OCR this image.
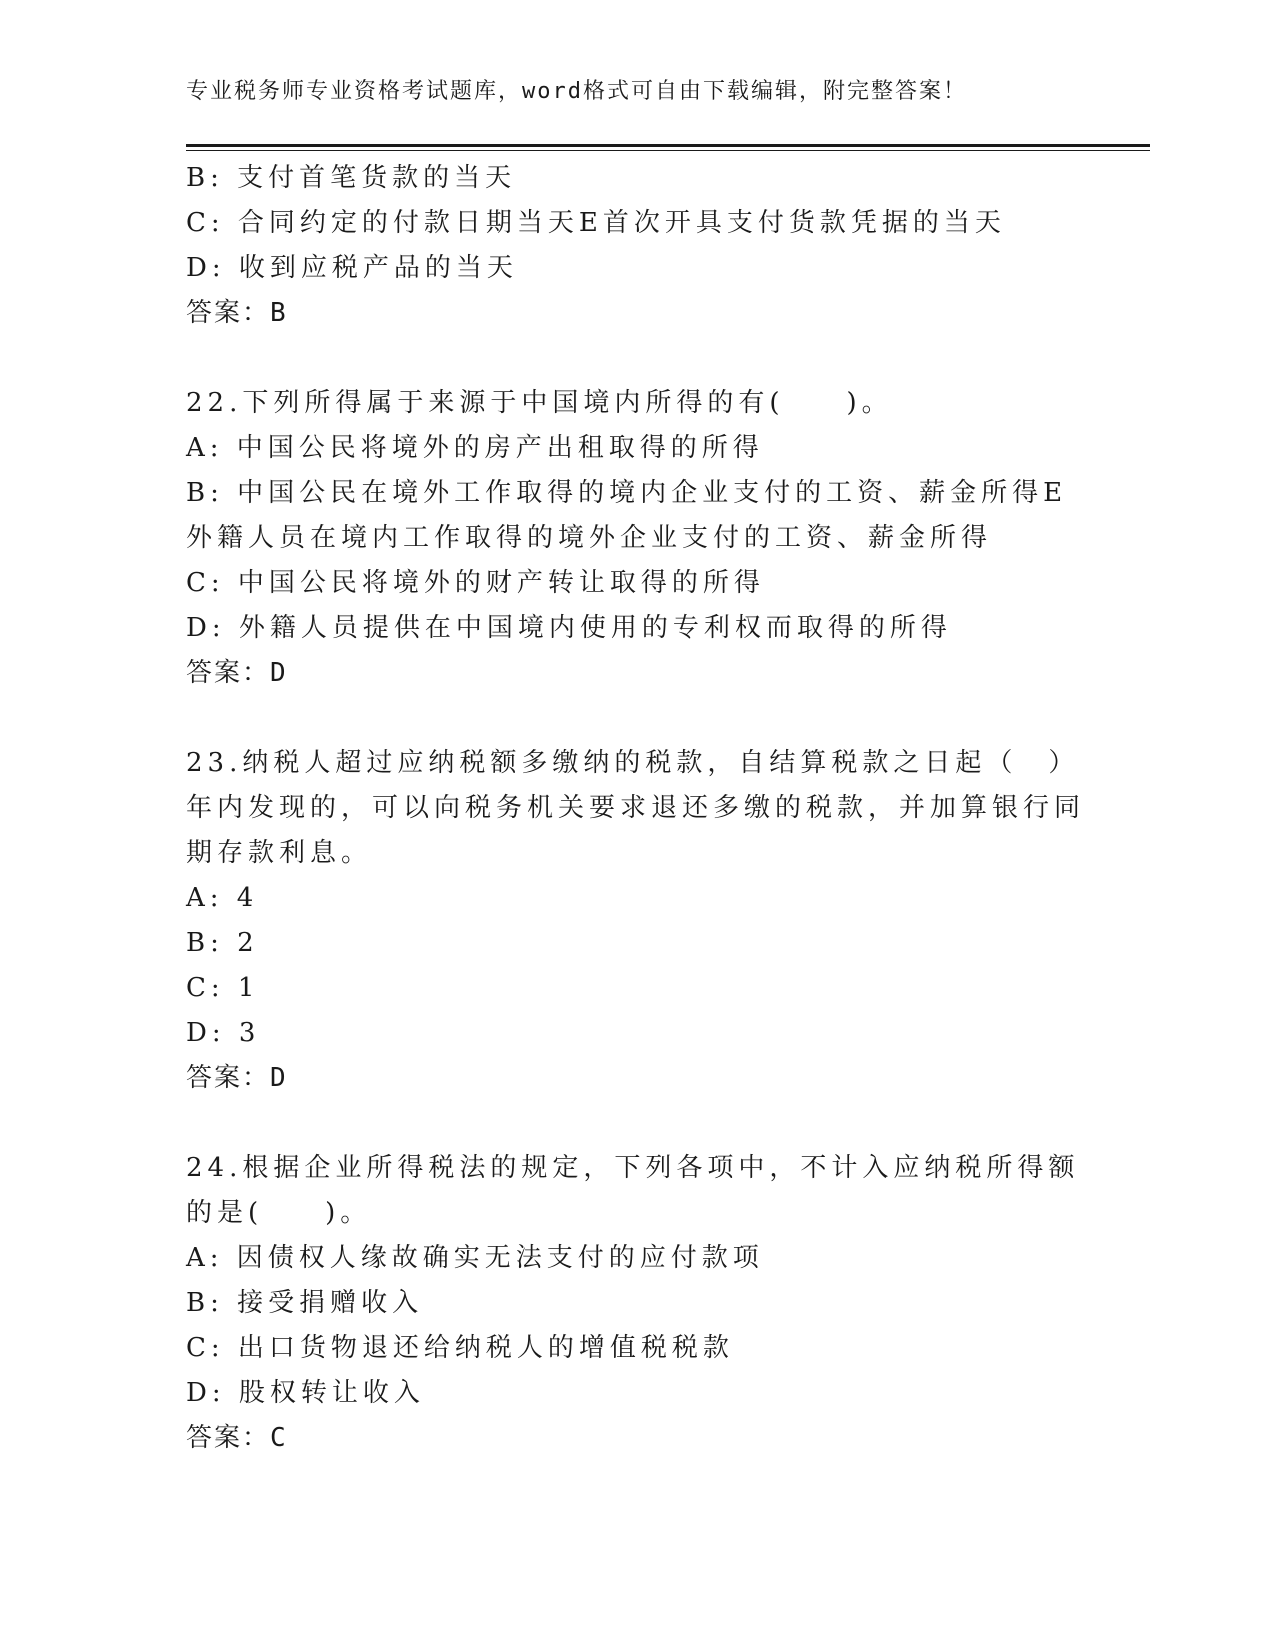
专业税务师专业资格考试题库，word格式可自由下载编辑，附完整答案！
B: 支付首笔货款的当天
C: 合同约定的付款日期当天E首次开具支付货款凭据的当天
D: 收到应税产品的当天
答案：B
22.下列所得属于来源于中国境内所得的有(　　)。
A: 中国公民将境外的房产出租取得的所得
B: 中国公民在境外工作取得的境内企业支付的工资、薪金所得E外籍人员在境内工作取得的境外企业支付的工资、薪金所得
C: 中国公民将境外的财产转让取得的所得
D: 外籍人员提供在中国境内使用的专利权而取得的所得
答案：D
23.纳税人超过应纳税额多缴纳的税款，自结算税款之日起（　）年内发现的，可以向税务机关要求退还多缴的税款，并加算银行同期存款利息。
A: 4
B: 2
C: 1
D: 3
答案：D
24.根据企业所得税法的规定，下列各项中，不计入应纳税所得额的是(　　)。
A: 因债权人缘故确实无法支付的应付款项
B: 接受捐赠收入
C: 出口货物退还给纳税人的增值税税款
D: 股权转让收入
答案：C
